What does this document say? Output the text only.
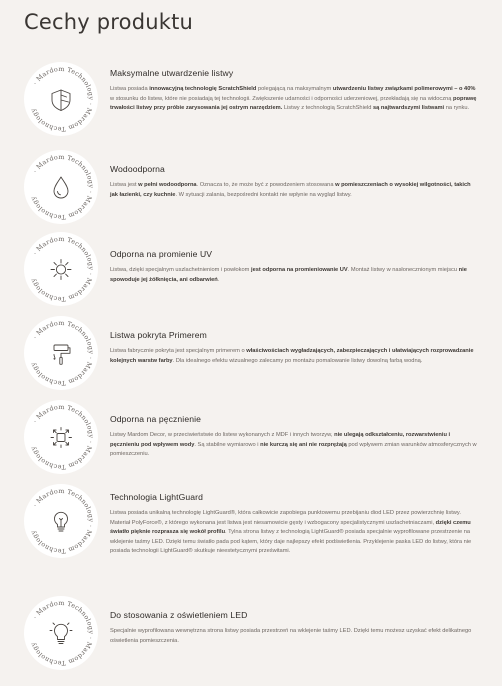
Cechy produktu
· Mardom Technology · Mardom Technology
Maksymalne utwardzenie listwy

Listwa posiada innowacyjną technologię ScratchShield polegającą na maksymalnym utwardzeniu listwy związkami polimerowymi – o 40% w stosunku do listew, które nie posiadają tej technologii. Zwiększenie udarności i odporności uderzeniowej, przekładają się na widoczną poprawę trwałości listwy przy próbie zarysowania jej ostrym narzędziem. Listwy z technologią ScratchShield są najtwardszymi listwami na rynku.

· Mardom Technology · Mardom Technology
Wodoodporna

Listwa jest w pełni wodoodporna. Oznacza to, że może być z powodzeniem stosowana w pomieszczeniach o wysokiej wilgotności, takich jak łazienki, czy kuchnie. W sytuacji zalania, bezpośredni kontakt nie wpłynie na wygląd listwy.

· Mardom Technology · Mardom Technology
Odporna na promienie UV

Listwa, dzięki specjalnym uszlachetnieniom i powłokom jest odporna na promieniowanie UV. Montaż listwy w nasłonecznionym miejscu nie spowoduje jej żółknięcia, ani odbarwień.

· Mardom Technology · Mardom Technology
Listwa pokryta Primerem

Listwa fabrycznie pokryta jest specjalnym primerem o właściwościach wygładzających, zabezpieczających i ułatwiających rozprowadzanie kolejnych warstw farby. Dla idealnego efektu wizualnego zalecamy po montażu pomalowanie listwy dowolną farbą wodną.

· Mardom Technology · Mardom Technology
Odporna na pęcznienie

Listwy Mardom Decor, w przeciwieństwie do listew wykonanych z MDF i innych tworzyw, nie ulegają odkształceniu, rozwarstwieniu i pęcznieniu pod wpływem wody. Są stabilne wymiarowo i nie kurczą się ani nie rozprężają pod wpływem zmian warunków atmosferycznych w pomieszczeniu.

· Mardom Technology · Mardom Technology
Technologia LightGuard

Listwa posiada unikalną technologię LightGuard®, która całkowicie zapobiega punktowemu przebijaniu diod LED przez powierzchnię listwy. Materiał PolyForce®, z którego wykonana jest listwa jest niesamowicie gęsty i wzbogacony specjalistycznymi uszlachetniaczami, dzięki czemu światło pięknie rozprasza się wokół profilu. Tylna strona listwy z technologią LightGuard® posiada specjalnie wyprofilowane przestrzenie na wklejenie taśmy LED. Dzięki temu światło pada pod kątem, który daje najlepszy efekt podświetlenia. Przyklejenie paska LED do listwy, która nie posiada technologii LightGuard® skutkuje nieestetycznymi prześwitami.

· Mardom Technology · Mardom Technology
Do stosowania z oświetleniem LED

Specjalnie wyprofilowana wewnętrzna strona listwy posiada przestrzeń na wklejenie taśmy LED. Dzięki temu możesz uzyskać efekt delikatnego oświetlenia pomieszczenia.
